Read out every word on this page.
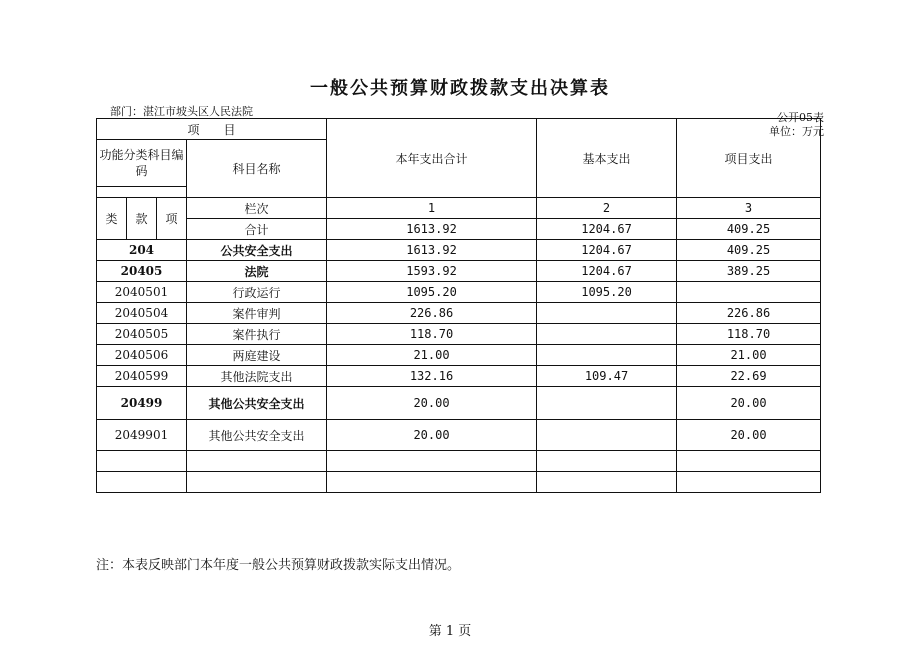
一般公共预算财政拨款支出决算表
部门：湛江市坡头区人民法院	公开05表
单位：万元
项　　目				本年支出合计	基本支出	项目支出
功能分类科目编码			科目名称			

类	款	项	栏次	1	2	3
			合计	1613.92	1204.67	409.25
204			公共安全支出	1613.92	1204.67	409.25
20405			法院	1593.92	1204.67	389.25
2040501			行政运行	1095.20	1095.20	
2040504			案件审判	226.86		226.86
2040505			案件执行	118.70		118.70
2040506			两庭建设	21.00		21.00
2040599			其他法院支出	132.16	109.47	22.69
20499			其他公共安全支出	20.00		20.00
2049901			其他公共安全支出	20.00		20.00

注：本表反映部门本年度一般公共预算财政拨款实际支出情况。
第 1 页
